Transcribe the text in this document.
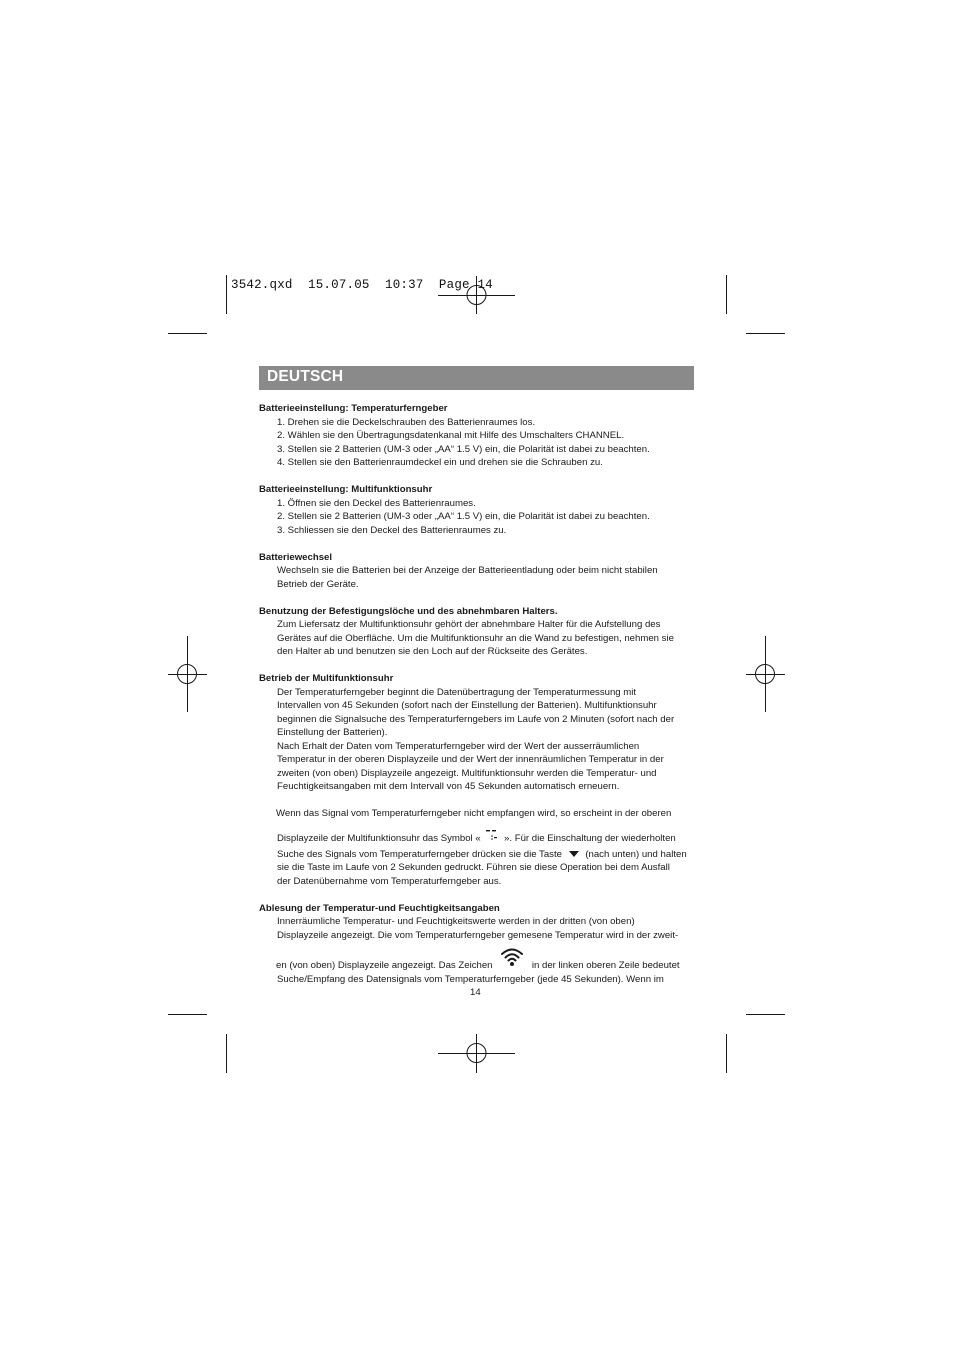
3542.qxd  15.07.05  10:37  Page 14
DEUTSCH
Batterieeinstellung: Temperaturferngeber
1. Drehen sie die Deckelschrauben des Batterienraumes los.
2. Wählen sie den Übertragungsdatenkanal mit Hilfe des Umschalters CHANNEL.
3. Stellen sie 2 Batterien (UM-3 oder „AA“ 1.5 V) ein, die Polarität ist dabei zu beachten.
4. Stellen sie den Batterienraumdeckel ein und drehen sie die Schrauben zu.
Batterieeinstellung: Multifunktionsuhr
1. Öffnen sie den Deckel des Batterienraumes.
2. Stellen sie 2 Batterien (UM-3 oder „AA“ 1.5 V) ein, die Polarität ist dabei zu beachten.
3. Schliessen sie den Deckel des Batterienraumes zu.
Batteriewechsel
Wechseln sie die Batterien bei der Anzeige der Batterieentladung oder beim nicht stabilen
Betrieb der Geräte.
Benutzung der Befestigungslöche und des abnehmbaren Halters.
Zum Liefersatz der Multifunktionsuhr gehört der abnehmbare Halter für die Aufstellung des
Gerätes auf die Oberfläche. Um die Multifunktionsuhr an die Wand zu befestigen, nehmen sie
den Halter ab und benutzen sie den Loch auf der Rückseite des Gerätes.
Betrieb der Multifunktionsuhr
Der Temperaturferngeber beginnt die Datenübertragung der Temperaturmessung mit
Intervallen von 45 Sekunden (sofort nach der Einstellung der Batterien). Multifunktionsuhr
beginnen die Signalsuche des Temperaturferngebers im Laufe von 2 Minuten (sofort nach der
Einstellung der Batterien).
Nach Erhalt der Daten vom Temperaturferngeber wird der Wert der ausserräumlichen
Temperatur in der oberen Displayzeile und der Wert der innenräumlichen Temperatur in der
zweiten (von oben) Displayzeile angezeigt. Multifunktionsuhr werden die Temperatur- und
Feuchtigkeitsangaben mit dem Intervall von 45 Sekunden automatisch erneuern.
Wenn das Signal vom Temperaturferngeber nicht empfangen wird, so erscheint in der oberen
Displayzeile der Multifunktionsuhr das Symbol « ». Für die Einschaltung der wiederholten
Suche des Signals vom Temperaturferngeber drücken sie die Taste (nach unten) und halten
sie die Taste im Laufe von 2 Sekunden gedruckt. Führen sie diese Operation bei dem Ausfall
der Datenübernahme vom Temperaturferngeber aus.
Ablesung der Temperatur-und Feuchtigkeitsangaben
Innerräumliche Temperatur- und Feuchtigkeitswerte werden in der dritten (von oben)
Displayzeile angezeigt. Die vom Temperaturferngeber gemesene Temperatur wird in der zweit-
en (von oben) Displayzeile angezeigt. Das Zeichen	in der linken oberen Zeile bedeutet
Suche/Empfang des Datensignals vom Temperaturferngeber (jede 45 Sekunden). Wenn im
14
